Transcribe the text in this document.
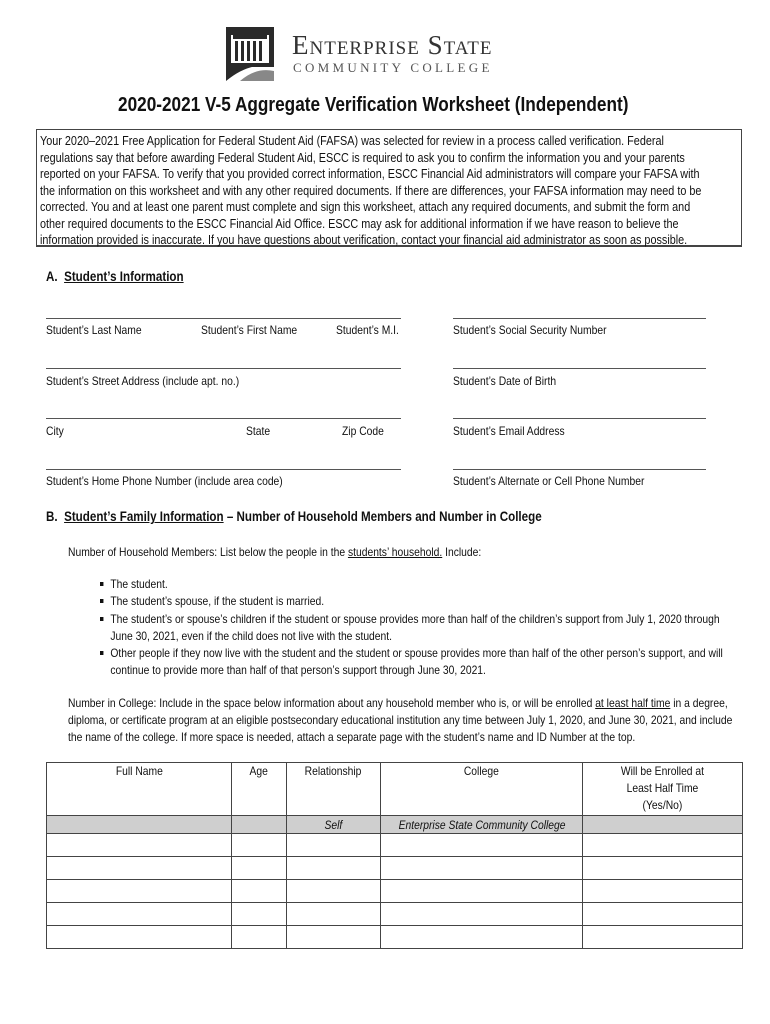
Enterprise State
COMMUNITY COLLEGE
2020-2021 V-5 Aggregate Verification Worksheet (Independent)
Your 2020–2021 Free Application for Federal Student Aid (FAFSA) was selected for review in a process called verification. Federal
regulations say that before awarding Federal Student Aid, ESCC is required to ask you to confirm the information you and your parents
reported on your FAFSA. To verify that you provided correct information, ESCC Financial Aid administrators will compare your FAFSA with
the information on this worksheet and with any other required documents. If there are differences, your FAFSA information may need to be
corrected. You and at least one parent must complete and sign this worksheet, attach any required documents, and submit the form and
other required documents to the ESCC Financial Aid Office. ESCC may ask for additional information if we have reason to believe the
information provided is inaccurate. If you have questions about verification, contact your financial aid administrator as soon as possible.
A. Student’s Information
Student’s Last Name	Student’s First Name	Student’s M.I.	Student’s Social Security Number
Student’s Street Address (include apt. no.)	Student’s Date of Birth
City	State	Zip Code	Student’s Email Address
Student’s Home Phone Number (include area code)	Student’s Alternate or Cell Phone Number
B. Student’s Family Information – Number of Household Members and Number in College
Number of Household Members: List below the people in the students’ household. Include:
The student.
The student’s spouse, if the student is married.
The student’s or spouse’s children if the student or spouse provides more than half of the children’s support from July 1, 2020 through
June 30, 2021, even if the child does not live with the student.
Other people if they now live with the student and the student or spouse provides more than half of the other person’s support, and will
continue to provide more than half of that person’s support through June 30, 2021.
Number in College: Include in the space below information about any household member who is, or will be enrolled at least half time in a degree,
diploma, or certificate program at an eligible postsecondary educational institution any time between July 1, 2020, and June 30, 2021, and include
the name of the college. If more space is needed, attach a separate page with the student’s name and ID Number at the top.
Full Name	Age	Relationship	College	Will be Enrolled at Least Half Time (Yes/No)
		Self	Enterprise State Community College	
